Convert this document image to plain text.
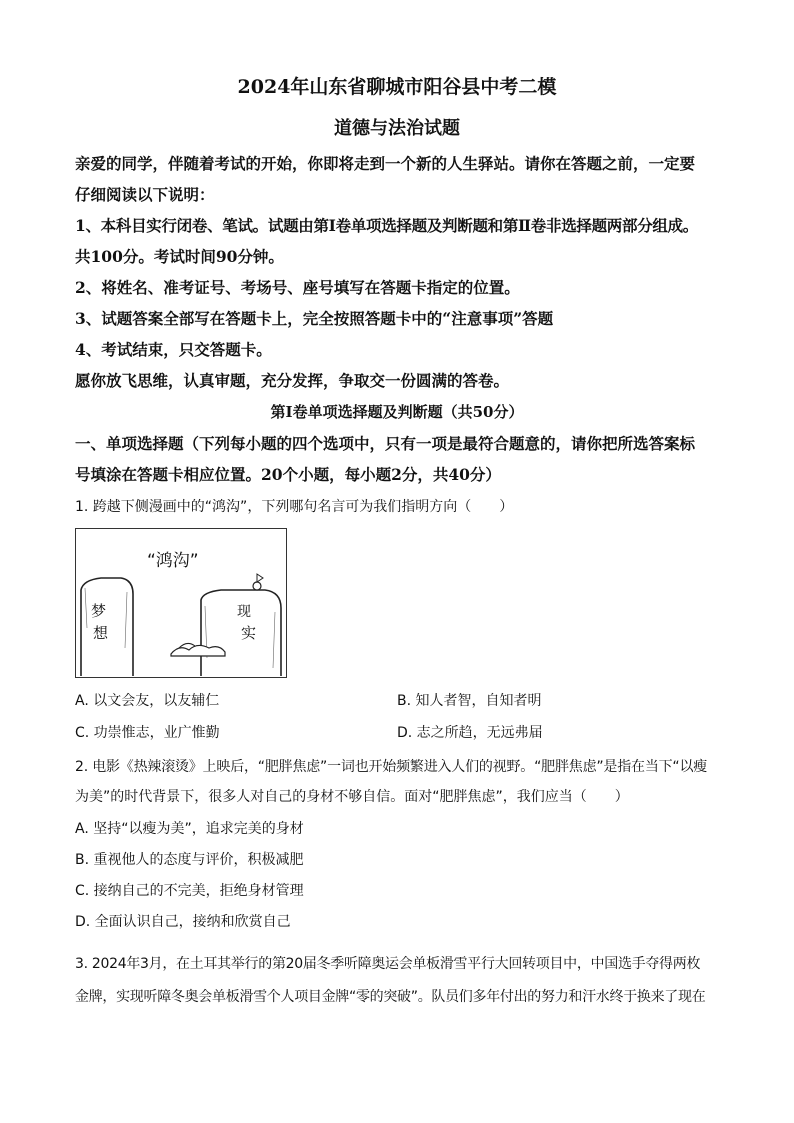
2024年山东省聊城市阳谷县中考二模
道德与法治试题
亲爱的同学，伴随着考试的开始，你即将走到一个新的人生驿站。请你在答题之前，一定要
仔细阅读以下说明：
1、本科目实行闭卷、笔试。试题由第Ⅰ卷单项选择题及判断题和第Ⅱ卷非选择题两部分组成。
共100分。考试时间90分钟。
2、将姓名、准考证号、考场号、座号填写在答题卡指定的位置。
3、试题答案全部写在答题卡上，完全按照答题卡中的“注意事项”答题
4、考试结束，只交答题卡。
愿你放飞思维，认真审题，充分发挥，争取交一份圆满的答卷。
第Ⅰ卷单项选择题及判断题（共50分）
一、单项选择题（下列每小题的四个选项中，只有一项是最符合题意的，请你把所选答案标
号填涂在答题卡相应位置。20个小题，每小题2分，共40分）
1. 跨越下侧漫画中的“鸿沟”，下列哪句名言可为我们指明方向（　　）
“鸿沟”
梦
想
现
实
A. 以文会友，以友辅仁	B. 知人者智，自知者明
C. 功崇惟志，业广惟勤	D. 志之所趋，无远弗届
2. 电影《热辣滚烫》上映后，“肥胖焦虑”一词也开始频繁进入人们的视野。“肥胖焦虑”是指在当下“以瘦
为美”的时代背景下，很多人对自己的身材不够自信。面对“肥胖焦虑”，我们应当（　　）
A. 坚持“以瘦为美”，追求完美的身材
B. 重视他人的态度与评价，积极减肥
C. 接纳自己的不完美，拒绝身材管理
D. 全面认识自己，接纳和欣赏自己
3. 2024年3月，在土耳其举行的第20届冬季听障奥运会单板滑雪平行大回转项目中，中国选手夺得两枚
金牌，实现听障冬奥会单板滑雪个人项目金牌“零的突破”。队员们多年付出的努力和汗水终于换来了现在
